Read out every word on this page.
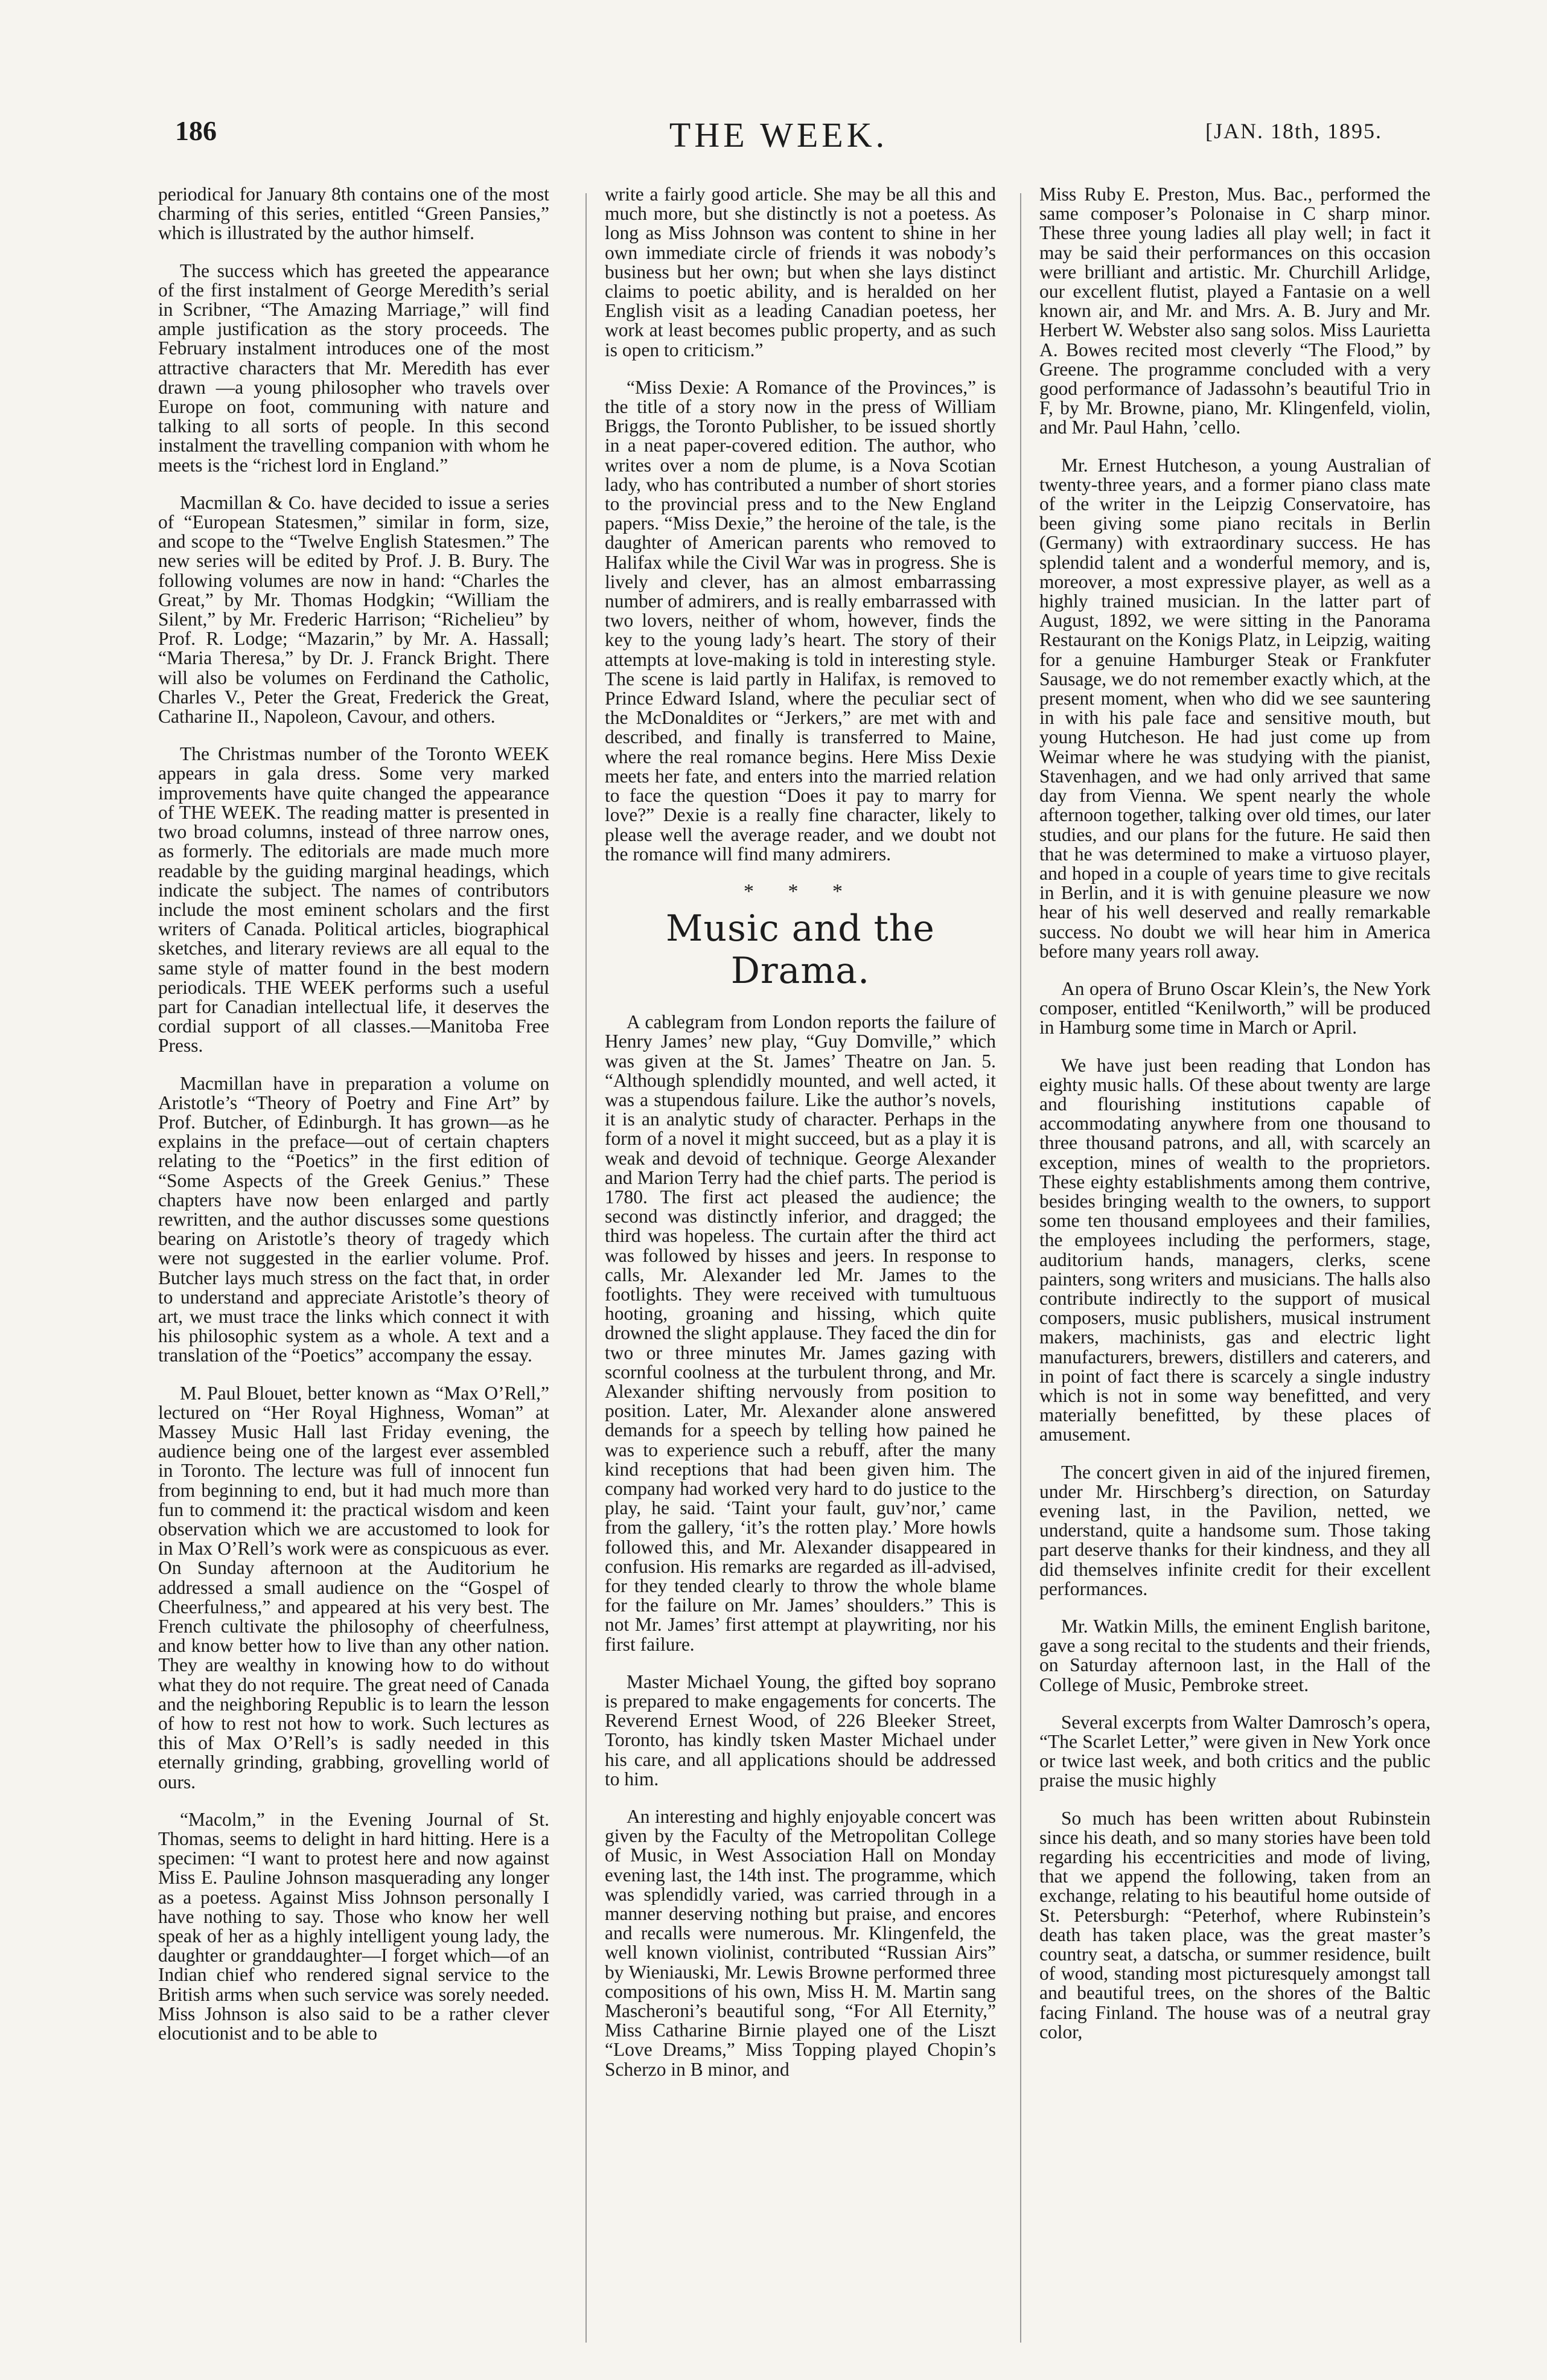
186	THE WEEK.	[JAN. 18th, 1895.

periodical for January 8th contains one of the most charming of this series, entitled “Green Pansies,” which is illustrated by the author himself.

The success which has greeted the appearance of the first instalment of George Meredith’s serial in Scribner, “The Amazing Marriage,” will find ample justification as the story proceeds. The February instalment introduces one of the most attractive characters that Mr. Meredith has ever drawn —a young philosopher who travels over Europe on foot, communing with nature and talking to all sorts of people. In this second instalment the travelling companion with whom he meets is the “richest lord in England.”

Macmillan & Co. have decided to issue a series of “European Statesmen,” similar in form, size, and scope to the “Twelve English Statesmen.” The new series will be edited by Prof. J. B. Bury. The following volumes are now in hand: “Charles the Great,” by Mr. Thomas Hodgkin; “William the Silent,” by Mr. Frederic Harrison; “Richelieu” by Prof. R. Lodge; “Mazarin,” by Mr. A. Hassall; “Maria Theresa,” by Dr. J. Franck Bright. There will also be volumes on Ferdinand the Catholic, Charles V., Peter the Great, Frederick the Great, Catharine II., Napoleon, Cavour, and others.

The Christmas number of the Toronto WEEK appears in gala dress. Some very marked improvements have quite changed the appearance of THE WEEK. The reading matter is presented in two broad columns, instead of three narrow ones, as formerly. The editorials are made much more readable by the guiding marginal headings, which indicate the subject. The names of contributors include the most eminent scholars and the first writers of Canada. Political articles, biographical sketches, and literary reviews are all equal to the same style of matter found in the best modern periodicals. THE WEEK performs such a useful part for Canadian intellectual life, it deserves the cordial support of all classes.—Manitoba Free Press.

Macmillan have in preparation a volume on Aristotle’s “Theory of Poetry and Fine Art” by Prof. Butcher, of Edinburgh. It has grown—as he explains in the preface—out of certain chapters relating to the “Poetics” in the first edition of “Some Aspects of the Greek Genius.” These chapters have now been enlarged and partly rewritten, and the author discusses some questions bearing on Aristotle’s theory of tragedy which were not suggested in the earlier volume. Prof. Butcher lays much stress on the fact that, in order to understand and appreciate Aristotle’s theory of art, we must trace the links which connect it with his philosophic system as a whole. A text and a translation of the “Poetics” accompany the essay.

M. Paul Blouet, better known as “Max O’Rell,” lectured on “Her Royal Highness, Woman” at Massey Music Hall last Friday evening, the audience being one of the largest ever assembled in Toronto. The lecture was full of innocent fun from beginning to end, but it had much more than fun to commend it: the practical wisdom and keen observation which we are accustomed to look for in Max O’Rell’s work were as conspicuous as ever. On Sunday afternoon at the Auditorium he addressed a small audience on the “Gospel of Cheerfulness,” and appeared at his very best. The French cultivate the philosophy of cheerfulness, and know better how to live than any other nation. They are wealthy in knowing how to do without what they do not require. The great need of Canada and the neighboring Republic is to learn the lesson of how to rest not how to work. Such lectures as this of Max O’Rell’s is sadly needed in this eternally grinding, grabbing, grovelling world of ours.

“Macolm,” in the Evening Journal of St. Thomas, seems to delight in hard hitting. Here is a specimen: “I want to protest here and now against Miss E. Pauline Johnson masquerading any longer as a poetess. Against Miss Johnson personally I have nothing to say. Those who know her well speak of her as a highly intelligent young lady, the daughter or granddaughter—I forget which—of an Indian chief who rendered signal service to the British arms when such service was sorely needed. Miss Johnson is also said to be a rather clever elocutionist and to be able to

write a fairly good article. She may be all this and much more, but she distinctly is not a poetess. As long as Miss Johnson was content to shine in her own immediate circle of friends it was nobody’s business but her own; but when she lays distinct claims to poetic ability, and is heralded on her English visit as a leading Canadian poetess, her work at least becomes public property, and as such is open to criticism.”

“Miss Dexie: A Romance of the Provinces,” is the title of a story now in the press of William Briggs, the Toronto Publisher, to be issued shortly in a neat paper-covered edition. The author, who writes over a nom de plume, is a Nova Scotian lady, who has contributed a number of short stories to the provincial press and to the New England papers. “Miss Dexie,” the heroine of the tale, is the daughter of American parents who removed to Halifax while the Civil War was in progress. She is lively and clever, has an almost embarrassing number of admirers, and is really embarrassed with two lovers, neither of whom, however, finds the key to the young lady’s heart. The story of their attempts at love-making is told in interesting style. The scene is laid partly in Halifax, is removed to Prince Edward Island, where the peculiar sect of the McDonaldites or “Jerkers,” are met with and described, and finally is transferred to Maine, where the real romance begins. Here Miss Dexie meets her fate, and enters into the married relation to face the question “Does it pay to marry for love?” Dexie is a really fine character, likely to please well the average reader, and we doubt not the romance will find many admirers.

* * *
Music and the Drama.

A cablegram from London reports the failure of Henry James’ new play, “Guy Domville,” which was given at the St. James’ Theatre on Jan. 5. “Although splendidly mounted, and well acted, it was a stupendous failure. Like the author’s novels, it is an analytic study of character. Perhaps in the form of a novel it might succeed, but as a play it is weak and devoid of technique. George Alexander and Marion Terry had the chief parts. The period is 1780. The first act pleased the audience; the second was distinctly inferior, and dragged; the third was hopeless. The curtain after the third act was followed by hisses and jeers. In response to calls, Mr. Alexander led Mr. James to the footlights. They were received with tumultuous hooting, groaning and hissing, which quite drowned the slight applause. They faced the din for two or three minutes Mr. James gazing with scornful coolness at the turbulent throng, and Mr. Alexander shifting nervously from position to position. Later, Mr. Alexander alone answered demands for a speech by telling how pained he was to experience such a rebuff, after the many kind receptions that had been given him. The company had worked very hard to do justice to the play, he said. ‘Taint your fault, guv’nor,’ came from the gallery, ‘it’s the rotten play.’ More howls followed this, and Mr. Alexander disappeared in confusion. His remarks are regarded as ill-advised, for they tended clearly to throw the whole blame for the failure on Mr. James’ shoulders.” This is not Mr. James’ first attempt at playwriting, nor his first failure.

Master Michael Young, the gifted boy soprano is prepared to make engagements for concerts. The Reverend Ernest Wood, of 226 Bleeker Street, Toronto, has kindly tsken Master Michael under his care, and all applications should be addressed to him.

An interesting and highly enjoyable concert was given by the Faculty of the Metropolitan College of Music, in West Association Hall on Monday evening last, the 14th inst. The programme, which was splendidly varied, was carried through in a manner deserving nothing but praise, and encores and recalls were numerous. Mr. Klingenfeld, the well known violinist, contributed “Russian Airs” by Wieniauski, Mr. Lewis Browne performed three compositions of his own, Miss H. M. Martin sang Mascheroni’s beautiful song, “For All Eternity,” Miss Catharine Birnie played one of the Liszt “Love Dreams,” Miss Topping played Chopin’s Scherzo in B minor, and

Miss Ruby E. Preston, Mus. Bac., performed the same composer’s Polonaise in C sharp minor. These three young ladies all play well; in fact it may be said their performances on this occasion were brilliant and artistic. Mr. Churchill Arlidge, our excellent flutist, played a Fantasie on a well known air, and Mr. and Mrs. A. B. Jury and Mr. Herbert W. Webster also sang solos. Miss Laurietta A. Bowes recited most cleverly “The Flood,” by Greene. The programme concluded with a very good performance of Jadassohn’s beautiful Trio in F, by Mr. Browne, piano, Mr. Klingenfeld, violin, and Mr. Paul Hahn, ’cello.

Mr. Ernest Hutcheson, a young Australian of twenty-three years, and a former piano class mate of the writer in the Leipzig Conservatoire, has been giving some piano recitals in Berlin (Germany) with extraordinary success. He has splendid talent and a wonderful memory, and is, moreover, a most expressive player, as well as a highly trained musician. In the latter part of August, 1892, we were sitting in the Panorama Restaurant on the Konigs Platz, in Leipzig, waiting for a genuine Hamburger Steak or Frankfuter Sausage, we do not remember exactly which, at the present moment, when who did we see sauntering in with his pale face and sensitive mouth, but young Hutcheson. He had just come up from Weimar where he was studying with the pianist, Stavenhagen, and we had only arrived that same day from Vienna. We spent nearly the whole afternoon together, talking over old times, our later studies, and our plans for the future. He said then that he was determined to make a virtuoso player, and hoped in a couple of years time to give recitals in Berlin, and it is with genuine pleasure we now hear of his well deserved and really remarkable success. No doubt we will hear him in America before many years roll away.

An opera of Bruno Oscar Klein’s, the New York composer, entitled “Kenilworth,” will be produced in Hamburg some time in March or April.

We have just been reading that London has eighty music halls. Of these about twenty are large and flourishing institutions capable of accommodating anywhere from one thousand to three thousand patrons, and all, with scarcely an exception, mines of wealth to the proprietors. These eighty establishments among them contrive, besides bringing wealth to the owners, to support some ten thousand employees and their families, the employees including the performers, stage, auditorium hands, managers, clerks, scene painters, song writers and musicians. The halls also contribute indirectly to the support of musical composers, music publishers, musical instrument makers, machinists, gas and electric light manufacturers, brewers, distillers and caterers, and in point of fact there is scarcely a single industry which is not in some way benefitted, and very materially benefitted, by these places of amusement.

The concert given in aid of the injured firemen, under Mr. Hirschberg’s direction, on Saturday evening last, in the Pavilion, netted, we understand, quite a handsome sum. Those taking part deserve thanks for their kindness, and they all did themselves infinite credit for their excellent performances.

Mr. Watkin Mills, the eminent English baritone, gave a song recital to the students and their friends, on Saturday afternoon last, in the Hall of the College of Music, Pembroke street.

Several excerpts from Walter Damrosch’s opera, “The Scarlet Letter,” were given in New York once or twice last week, and both critics and the public praise the music highly

So much has been written about Rubinstein since his death, and so many stories have been told regarding his eccentricities and mode of living, that we append the following, taken from an exchange, relating to his beautiful home outside of St. Petersburgh: “Peterhof, where Rubinstein’s death has taken place, was the great master’s country seat, a datscha, or summer residence, built of wood, standing most picturesquely amongst tall and beautiful trees, on the shores of the Baltic facing Finland. The house was of a neutral gray color,
